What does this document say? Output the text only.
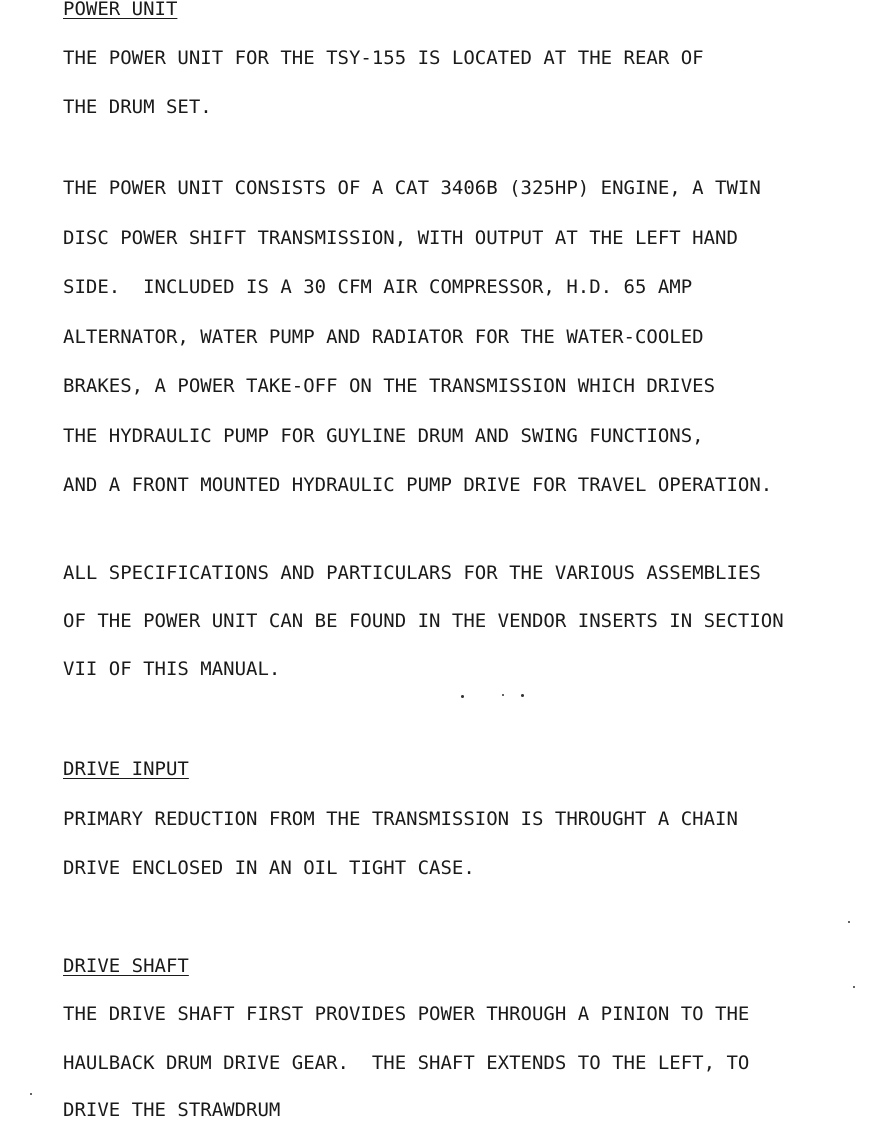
POWER UNIT
THE POWER UNIT FOR THE TSY-155 IS LOCATED AT THE REAR OF
THE DRUM SET.
THE POWER UNIT CONSISTS OF A CAT 3406B (325HP) ENGINE, A TWIN
DISC POWER SHIFT TRANSMISSION, WITH OUTPUT AT THE LEFT HAND
SIDE.  INCLUDED IS A 30 CFM AIR COMPRESSOR, H.D. 65 AMP
ALTERNATOR, WATER PUMP AND RADIATOR FOR THE WATER-COOLED
BRAKES, A POWER TAKE-OFF ON THE TRANSMISSION WHICH DRIVES
THE HYDRAULIC PUMP FOR GUYLINE DRUM AND SWING FUNCTIONS,
AND A FRONT MOUNTED HYDRAULIC PUMP DRIVE FOR TRAVEL OPERATION.
ALL SPECIFICATIONS AND PARTICULARS FOR THE VARIOUS ASSEMBLIES
OF THE POWER UNIT CAN BE FOUND IN THE VENDOR INSERTS IN SECTION
VII OF THIS MANUAL.
DRIVE INPUT
PRIMARY REDUCTION FROM THE TRANSMISSION IS THROUGHT A CHAIN
DRIVE ENCLOSED IN AN OIL TIGHT CASE.
DRIVE SHAFT
THE DRIVE SHAFT FIRST PROVIDES POWER THROUGH A PINION TO THE
HAULBACK DRUM DRIVE GEAR.  THE SHAFT EXTENDS TO THE LEFT, TO
DRIVE THE STRAWDRUM
